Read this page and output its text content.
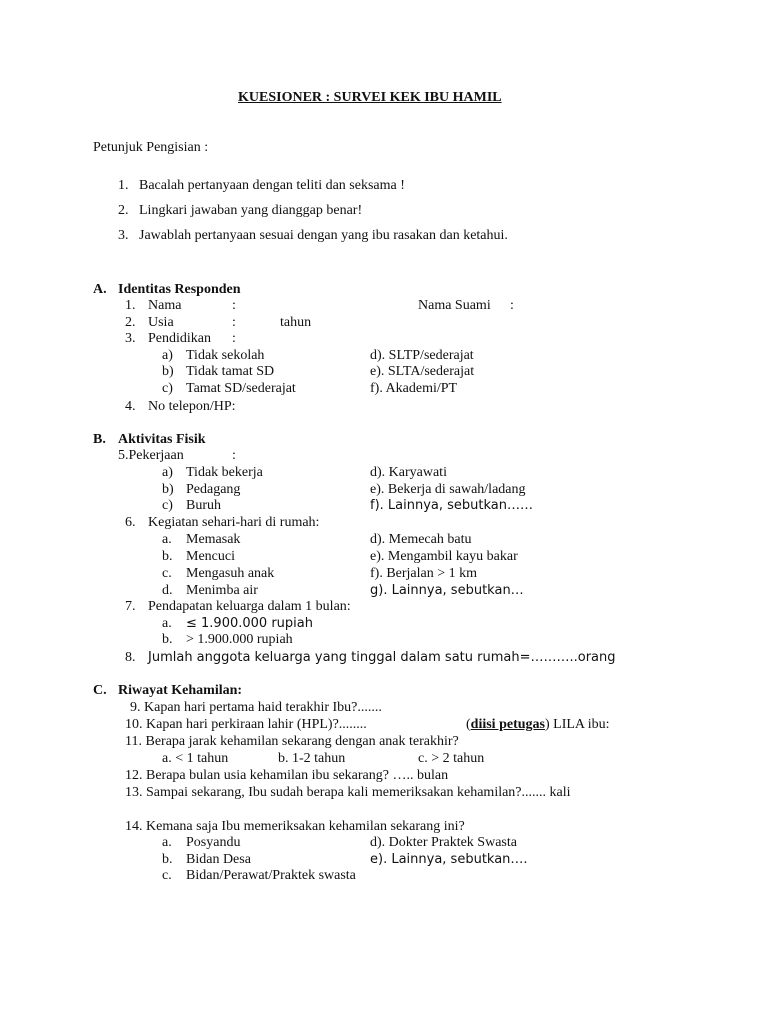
KUESIONER : SURVEI KEK IBU HAMIL
Petunjuk Pengisian :
1. Bacalah pertanyaan dengan teliti dan seksama !
2. Lingkari jawaban yang dianggap benar!
3. Jawablah pertanyaan sesuai dengan yang ibu rasakan dan ketahui.
A. Identitas Responden
1. Nama	:	Nama Suami :
2. Usia	:	tahun
3. Pendidikan :
a) Tidak sekolah	d). SLTP/sederajat
b) Tidak tamat SD	e). SLTA/sederajat
c) Tamat SD/sederajat	f). Akademi/PT
4. No telepon/HP:
B. Aktivitas Fisik
5.Pekerjaan	:
a) Tidak bekerja	d). Karyawati
b) Pedagang	e). Bekerja di sawah/ladang
c) Buruh	f). Lainnya, sebutkan……
6. Kegiatan sehari-hari di rumah:
a. Memasak	d). Memecah batu
b. Mencuci	e). Mengambil kayu bakar
c. Mengasuh anak	f). Berjalan > 1 km
d. Menimba air	g). Lainnya, sebutkan…
7. Pendapatan keluarga dalam 1 bulan:
a. ≤ 1.900.000 rupiah
b. > 1.900.000 rupiah
8. Jumlah anggota keluarga yang tinggal dalam satu rumah=………..orang
C. Riwayat Kehamilan:
9. Kapan hari pertama haid terakhir Ibu?.......
10. Kapan hari perkiraan lahir (HPL)?........	(diisi petugas) LILA ibu:
11. Berapa jarak kehamilan sekarang dengan anak terakhir?
a. < 1 tahun	b. 1-2 tahun	c. > 2 tahun
12. Berapa bulan usia kehamilan ibu sekarang? ….. bulan
13. Sampai sekarang, Ibu sudah berapa kali memeriksakan kehamilan?....... kali
14. Kemana saja Ibu memeriksakan kehamilan sekarang ini?
a. Posyandu	d). Dokter Praktek Swasta
b. Bidan Desa	e). Lainnya, sebutkan….
c. Bidan/Perawat/Praktek swasta
